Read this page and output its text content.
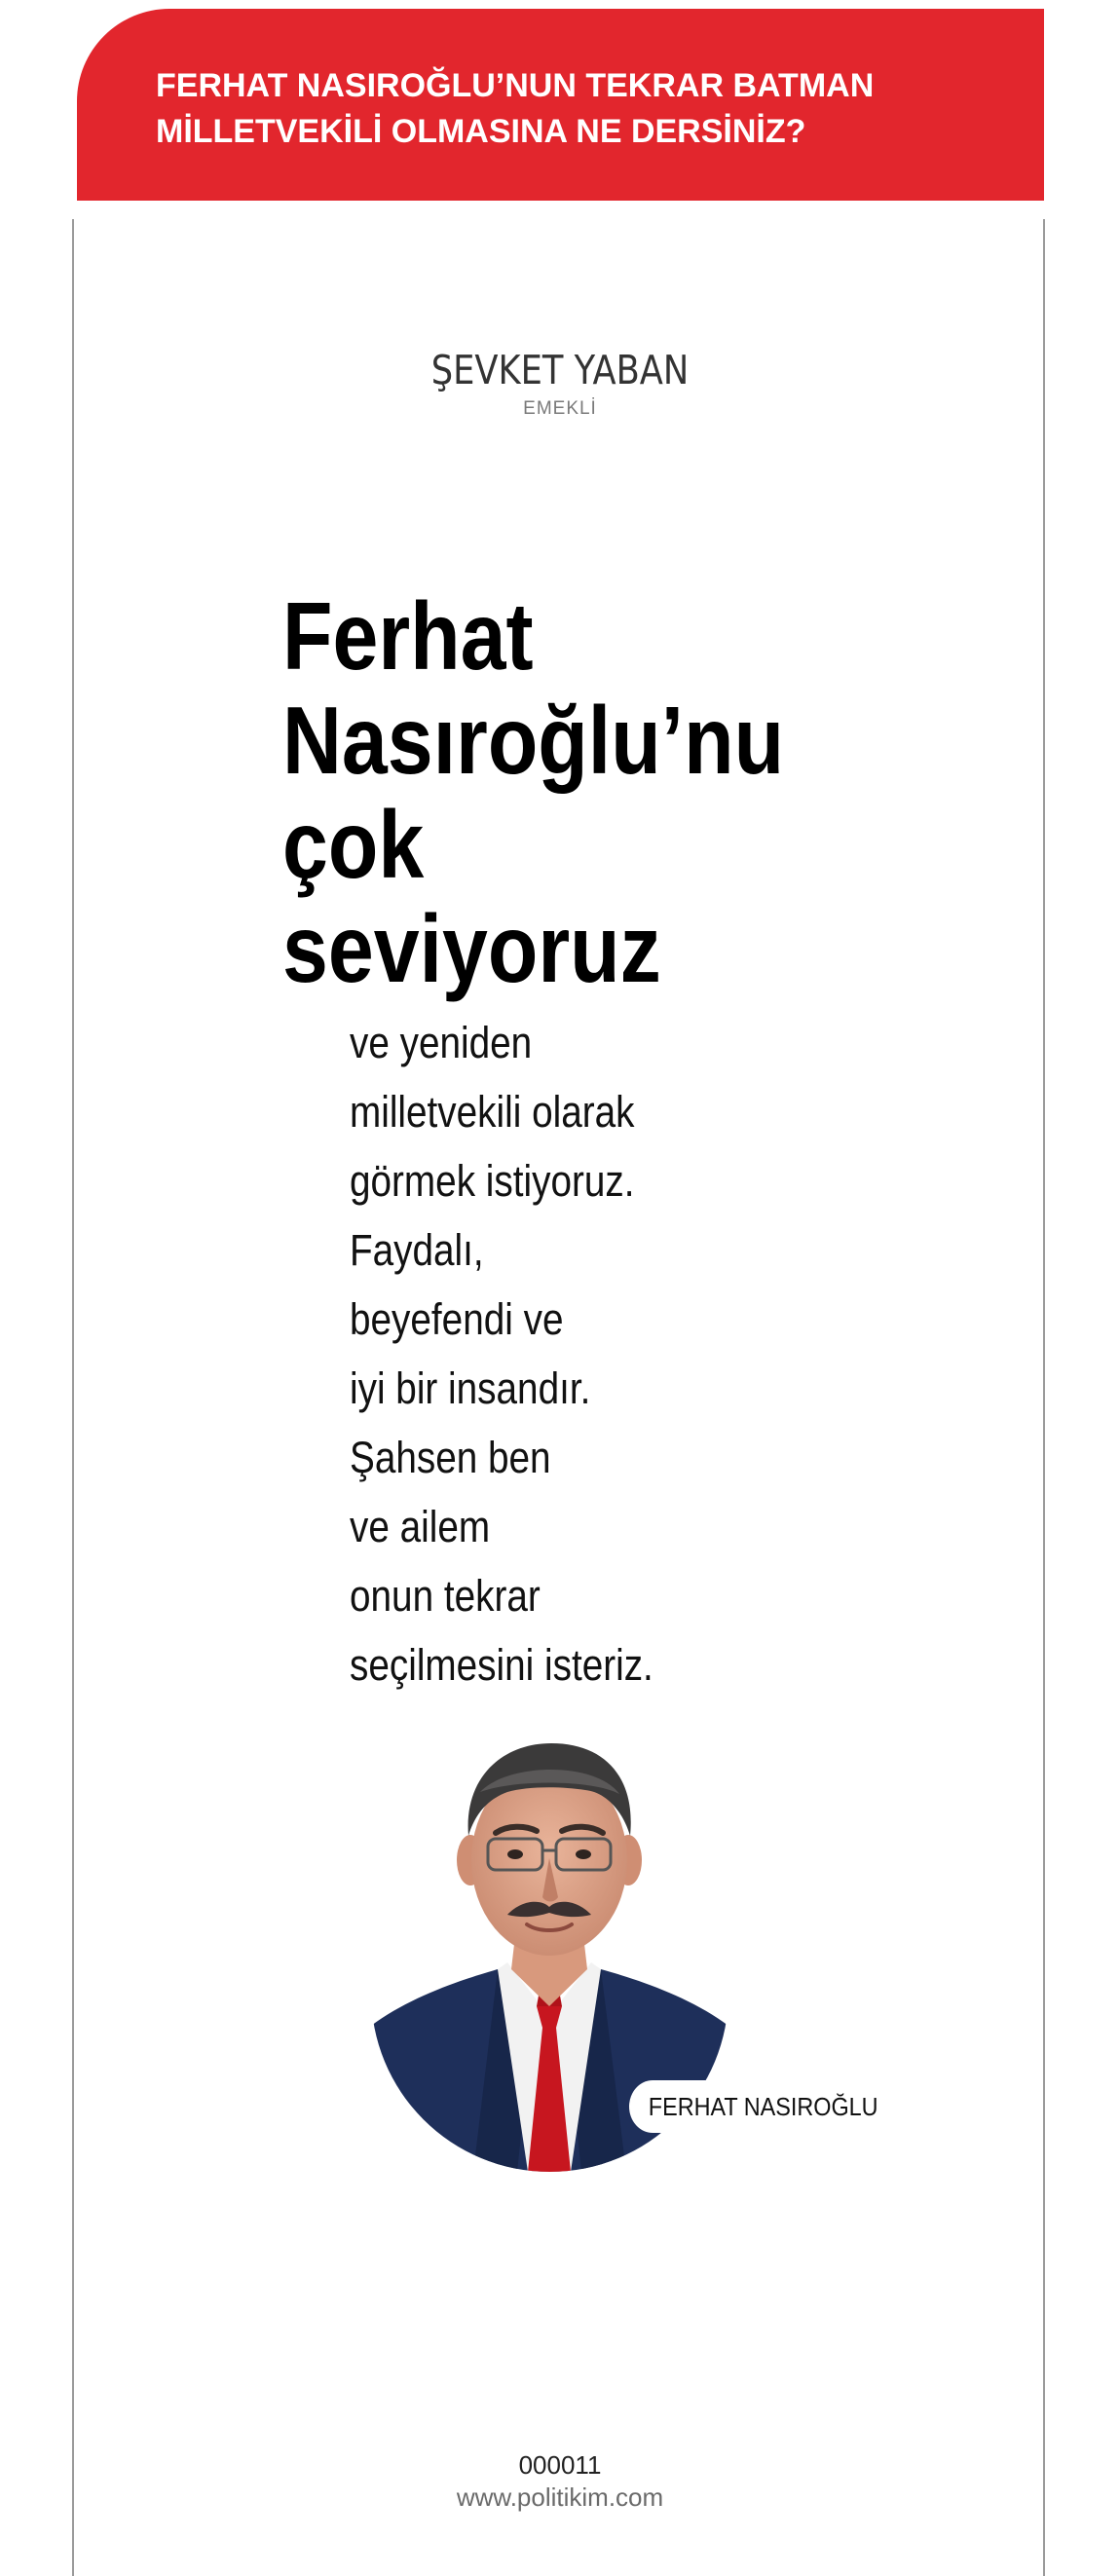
FERHAT NASIROĞLU’NUN TEKRAR BATMAN
MİLLETVEKİLİ OLMASINA NE DERSİNİZ?
ŞEVKET YABAN
EMEKLİ
Ferhat
Nasıroğlu’nu
çok
seviyoruz

ve yeniden
milletvekili olarak
görmek istiyoruz.
Faydalı,
beyefendi ve
iyi bir insandır.
Şahsen ben
ve ailem
onun tekrar
seçilmesini isteriz.

FERHAT NASIROĞLU
000011
www.politikim.com
